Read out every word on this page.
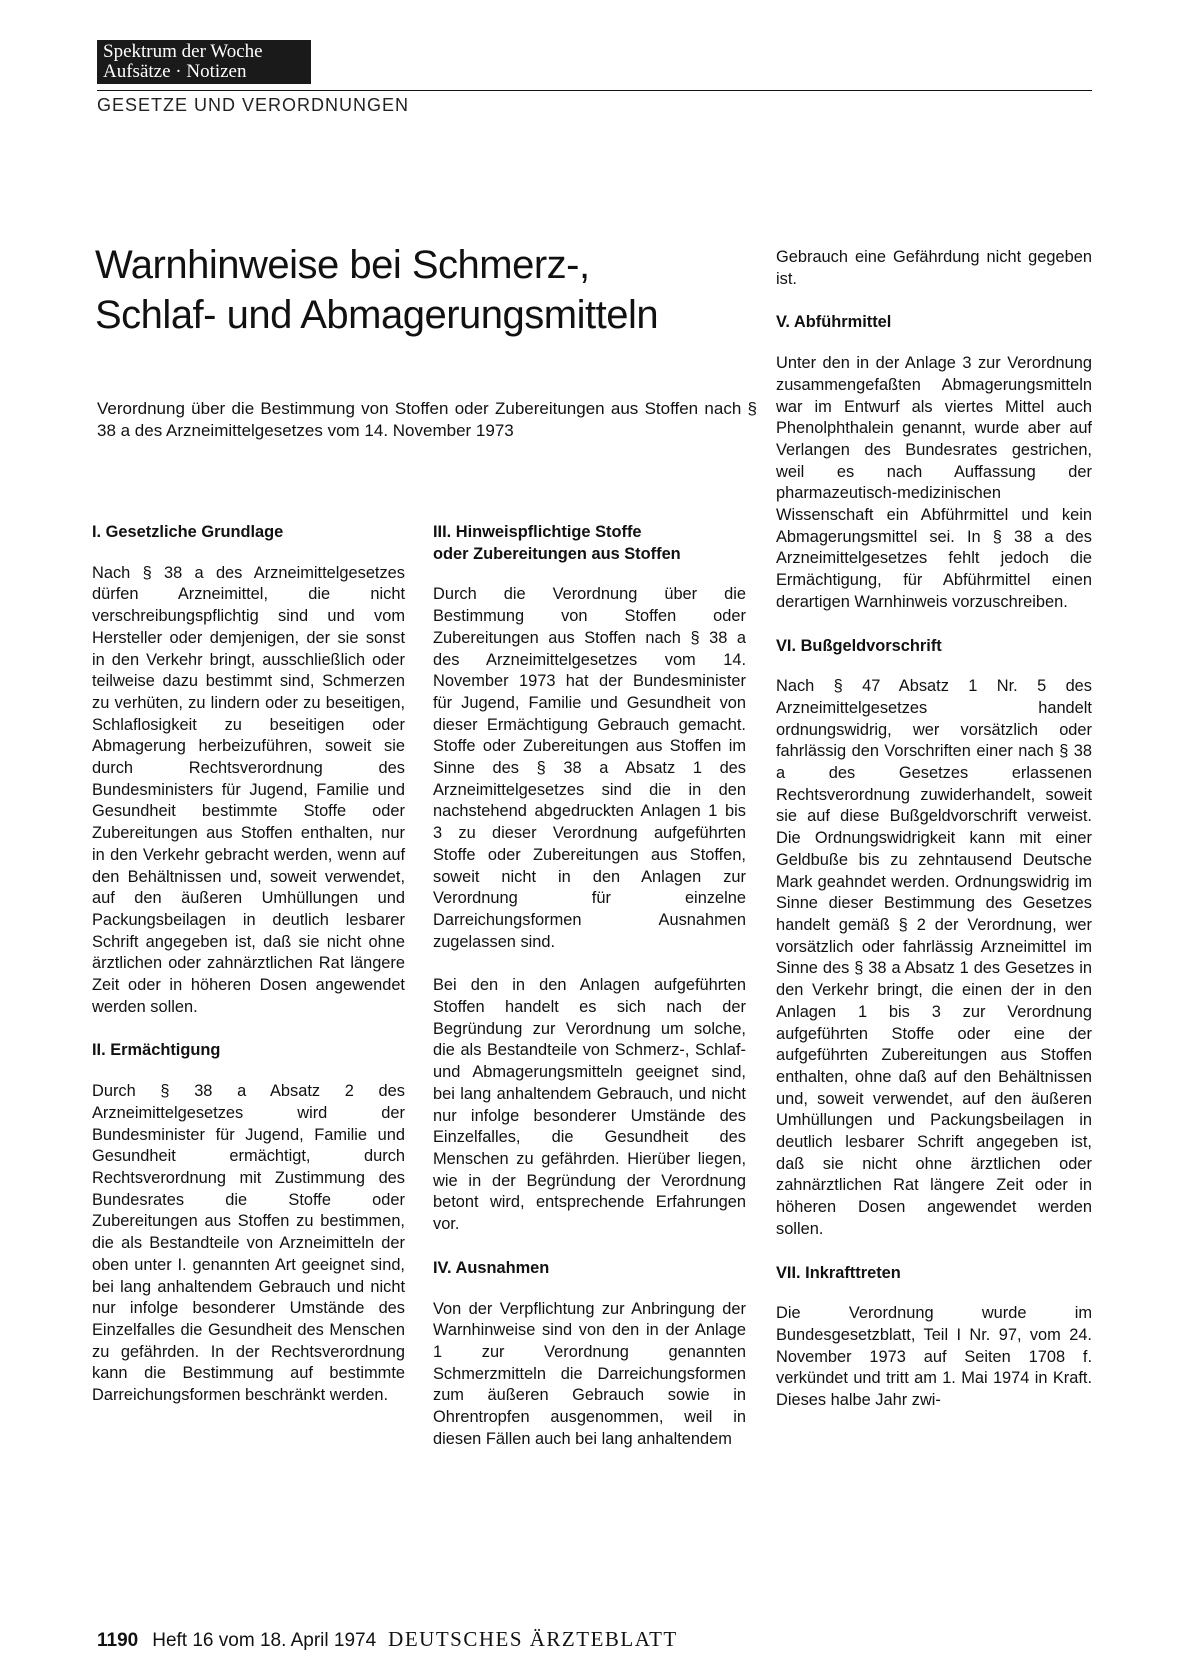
Spektrum der Woche
Aufsätze · Notizen
GESETZE UND VERORDNUNGEN
Warnhinweise bei Schmerz-,
Schlaf- und Abmagerungsmitteln

Verordnung über die Bestimmung von Stoffen oder Zubereitungen aus Stoffen nach § 38 a des Arzneimittelgesetzes vom 14. November 1973

I. Gesetzliche Grundlage

Nach § 38 a des Arzneimittelgesetzes dürfen Arzneimittel, die nicht verschreibungspflichtig sind und vom Hersteller oder demjenigen, der sie sonst in den Verkehr bringt, ausschließlich oder teilweise dazu bestimmt sind, Schmerzen zu verhüten, zu lindern oder zu beseitigen, Schlaflosigkeit zu beseitigen oder Abmagerung herbeizuführen, soweit sie durch Rechtsverordnung des Bundesministers für Jugend, Familie und Gesundheit bestimmte Stoffe oder Zubereitungen aus Stoffen enthalten, nur in den Verkehr gebracht werden, wenn auf den Behältnissen und, soweit verwendet, auf den äußeren Umhüllungen und Packungsbeilagen in deutlich lesbarer Schrift angegeben ist, daß sie nicht ohne ärztlichen oder zahnärztlichen Rat längere Zeit oder in höheren Dosen angewendet werden sollen.

II. Ermächtigung

Durch § 38 a Absatz 2 des Arzneimittelgesetzes wird der Bundesminister für Jugend, Familie und Gesundheit ermächtigt, durch Rechtsverordnung mit Zustimmung des Bundesrates die Stoffe oder Zubereitungen aus Stoffen zu bestimmen, die als Bestandteile von Arzneimitteln der oben unter I. genannten Art geeignet sind, bei lang anhaltendem Gebrauch und nicht nur infolge besonderer Umstände des Einzelfalles die Gesundheit des Menschen zu gefährden. In der Rechtsverordnung kann die Bestimmung auf bestimmte Darreichungsformen beschränkt werden.

III. Hinweispflichtige Stoffe
oder Zubereitungen aus Stoffen

Durch die Verordnung über die Bestimmung von Stoffen oder Zubereitungen aus Stoffen nach § 38 a des Arzneimittelgesetzes vom 14. November 1973 hat der Bundesminister für Jugend, Familie und Gesundheit von dieser Ermächtigung Gebrauch gemacht. Stoffe oder Zubereitungen aus Stoffen im Sinne des § 38 a Absatz 1 des Arzneimittelgesetzes sind die in den nachstehend abgedruckten Anlagen 1 bis 3 zu dieser Verordnung aufgeführten Stoffe oder Zubereitungen aus Stoffen, soweit nicht in den Anlagen zur Verordnung für einzelne Darreichungsformen Ausnahmen zugelassen sind.

Bei den in den Anlagen aufgeführten Stoffen handelt es sich nach der Begründung zur Verordnung um solche, die als Bestandteile von Schmerz-, Schlaf- und Abmagerungsmitteln geeignet sind, bei lang anhaltendem Gebrauch, und nicht nur infolge besonderer Umstände des Einzelfalles, die Gesundheit des Menschen zu gefährden. Hierüber liegen, wie in der Begründung der Verordnung betont wird, entsprechende Erfahrungen vor.

IV. Ausnahmen

Von der Verpflichtung zur Anbringung der Warnhinweise sind von den in der Anlage 1 zur Verordnung genannten Schmerzmitteln die Darreichungsformen zum äußeren Gebrauch sowie in Ohrentropfen ausgenommen, weil in diesen Fällen auch bei lang anhaltendem

Gebrauch eine Gefährdung nicht gegeben ist.

V. Abführmittel

Unter den in der Anlage 3 zur Verordnung zusammengefaßten Abmagerungsmitteln war im Entwurf als viertes Mittel auch Phenolphthalein genannt, wurde aber auf Verlangen des Bundesrates gestrichen, weil es nach Auffassung der pharmazeutisch-medizinischen Wissenschaft ein Abführmittel und kein Abmagerungsmittel sei. In § 38 a des Arzneimittelgesetzes fehlt jedoch die Ermächtigung, für Abführmittel einen derartigen Warnhinweis vorzuschreiben.

VI. Bußgeldvorschrift

Nach § 47 Absatz 1 Nr. 5 des Arzneimittelgesetzes handelt ordnungswidrig, wer vorsätzlich oder fahrlässig den Vorschriften einer nach § 38 a des Gesetzes erlassenen Rechtsverordnung zuwiderhandelt, soweit sie auf diese Bußgeldvorschrift verweist. Die Ordnungswidrigkeit kann mit einer Geldbuße bis zu zehntausend Deutsche Mark geahndet werden. Ordnungswidrig im Sinne dieser Bestimmung des Gesetzes handelt gemäß § 2 der Verordnung, wer vorsätzlich oder fahrlässig Arzneimittel im Sinne des § 38 a Absatz 1 des Gesetzes in den Verkehr bringt, die einen der in den Anlagen 1 bis 3 zur Verordnung aufgeführten Stoffe oder eine der aufgeführten Zubereitungen aus Stoffen enthalten, ohne daß auf den Behältnissen und, soweit verwendet, auf den äußeren Umhüllungen und Packungsbeilagen in deutlich lesbarer Schrift angegeben ist, daß sie nicht ohne ärztlichen oder zahnärztlichen Rat längere Zeit oder in höheren Dosen angewendet werden sollen.

VII. Inkrafttreten

Die Verordnung wurde im Bundesgesetzblatt, Teil I Nr. 97, vom 24. November 1973 auf Seiten 1708 f. verkündet und tritt am 1. Mai 1974 in Kraft. Dieses halbe Jahr zwi-

1190 Heft 16 vom 18. April 1974 DEUTSCHES ÄRZTEBLATT
